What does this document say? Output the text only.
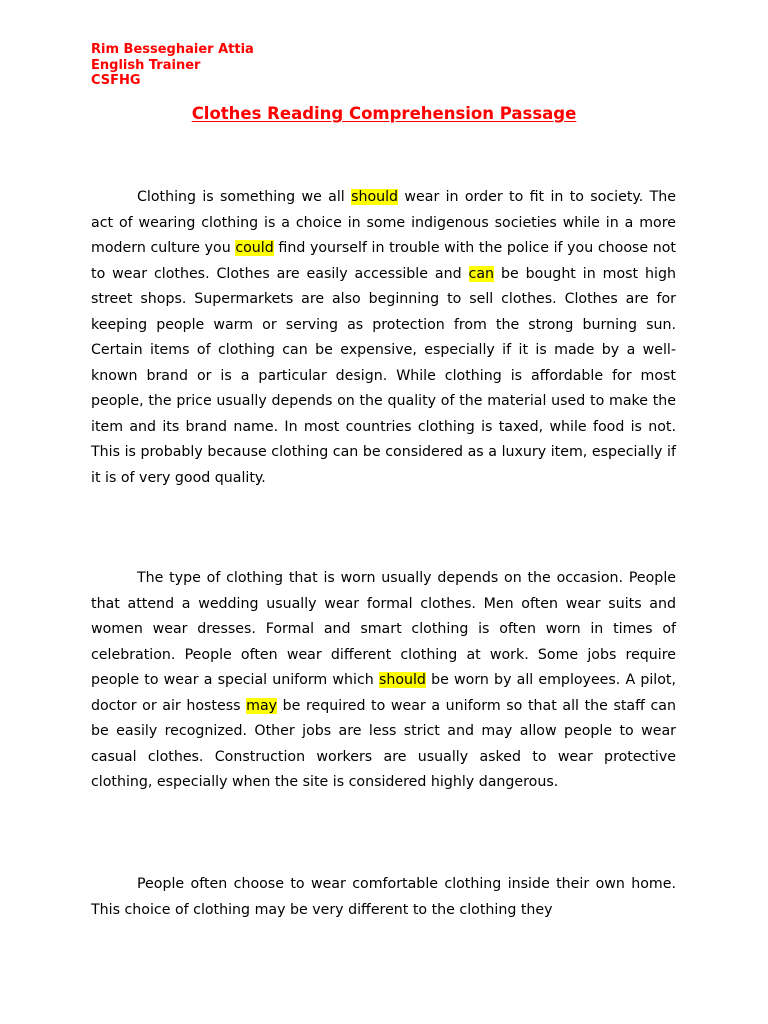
Rim Besseghaier Attia
English Trainer
CSFHG
Clothes Reading Comprehension Passage

Clothing is something we all should wear in order to fit in to society. The act of wearing clothing is a choice in some indigenous societies while in a more modern culture you could find yourself in trouble with the police if you choose not to wear clothes. Clothes are easily accessible and can be bought in most high street shops. Supermarkets are also beginning to sell clothes. Clothes are for keeping people warm or serving as protection from the strong burning sun. Certain items of clothing can be expensive, especially if it is made by a well-known brand or is a particular design. While clothing is affordable for most people, the price usually depends on the quality of the material used to make the item and its brand name. In most countries clothing is taxed, while food is not. This is probably because clothing can be considered as a luxury item, especially if it is of very good quality.

The type of clothing that is worn usually depends on the occasion. People that attend a wedding usually wear formal clothes. Men often wear suits and women wear dresses. Formal and smart clothing is often worn in times of celebration. People often wear different clothing at work. Some jobs require people to wear a special uniform which should be worn by all employees. A pilot, doctor or air hostess may be required to wear a uniform so that all the staff can be easily recognized. Other jobs are less strict and may allow people to wear casual clothes. Construction workers are usually asked to wear protective clothing, especially when the site is considered highly dangerous.

People often choose to wear comfortable clothing inside their own home. This choice of clothing may be very different to the clothing they
